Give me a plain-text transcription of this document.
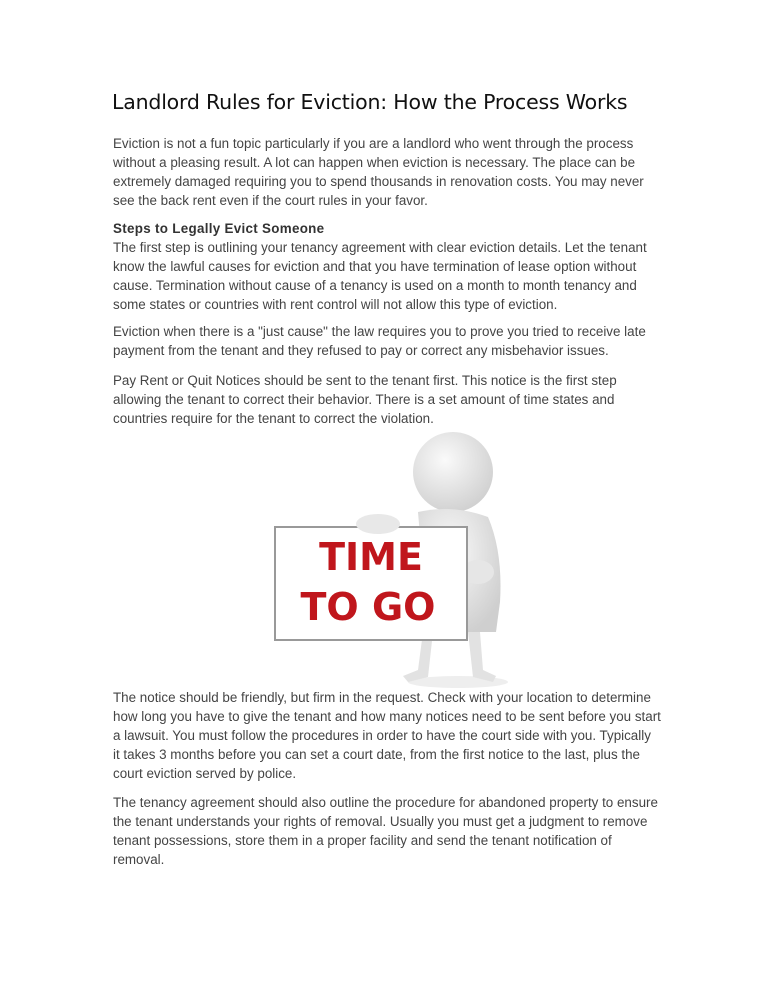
Landlord Rules for Eviction: How the Process Works
Eviction is not a fun topic particularly if you are a landlord who went through the process without a pleasing result. A lot can happen when eviction is necessary. The place can be extremely damaged requiring you to spend thousands in renovation costs. You may never see the back rent even if the court rules in your favor.
Steps to Legally Evict Someone
The first step is outlining your tenancy agreement with clear eviction details. Let the tenant know the lawful causes for eviction and that you have termination of lease option without cause. Termination without cause of a tenancy is used on a month to month tenancy and some states or countries with rent control will not allow this type of eviction.
Eviction when there is a "just cause" the law requires you to prove you tried to receive late payment from the tenant and they refused to pay or correct any misbehavior issues.
Pay Rent or Quit Notices should be sent to the tenant first. This notice is the first step allowing the tenant to correct their behavior. There is a set amount of time states and countries require for the tenant to correct the violation.
TIME
TO GO
The notice should be friendly, but firm in the request. Check with your location to determine how long you have to give the tenant and how many notices need to be sent before you start a lawsuit. You must follow the procedures in order to have the court side with you. Typically it takes 3 months before you can set a court date, from the first notice to the last, plus the court eviction served by police.
The tenancy agreement should also outline the procedure for abandoned property to ensure the tenant understands your rights of removal. Usually you must get a judgment to remove tenant possessions, store them in a proper facility and send the tenant notification of removal.
